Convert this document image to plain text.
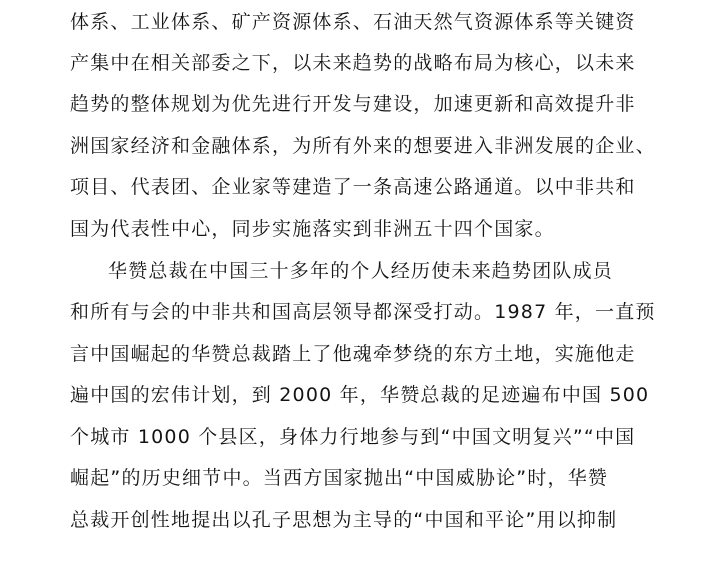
体系、工业体系、矿产资源体系、石油天然气资源体系等关键资
产集中在相关部委之下，以未来趋势的战略布局为核心，以未来
趋势的整体规划为优先进行开发与建设，加速更新和高效提升非
洲国家经济和金融体系，为所有外来的想要进入非洲发展的企业、
项目、代表团、企业家等建造了一条高速公路通道。以中非共和
国为代表性中心，同步实施落实到非洲五十四个国家。
华赞总裁在中国三十多年的个人经历使未来趋势团队成员
和所有与会的中非共和国高层领导都深受打动。1987 年，一直预
言中国崛起的华赞总裁踏上了他魂牵梦绕的东方土地，实施他走
遍中国的宏伟计划，到 2000 年，华赞总裁的足迹遍布中国 500
个城市 1000 个县区，身体力行地参与到“中国文明复兴”“中国
崛起”的历史细节中。当西方国家抛出“中国威胁论”时，华赞
总裁开创性地提出以孔子思想为主导的“中国和平论”用以抑制
